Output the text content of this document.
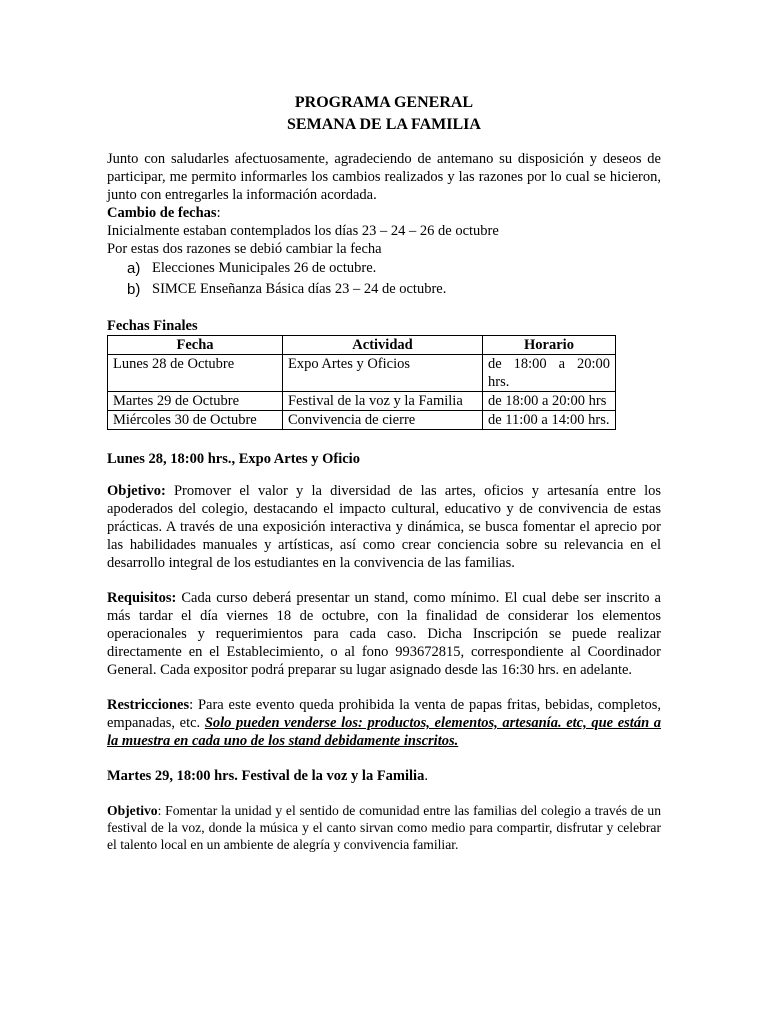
PROGRAMA GENERAL
SEMANA DE LA FAMILIA

Junto con saludarles afectuosamente, agradeciendo de antemano su disposición y deseos de participar, me permito informarles los cambios realizados y las razones por lo cual se hicieron, junto con entregarles la información acordada.

Cambio de fechas:

Inicialmente estaban contemplados los días 23 – 24 – 26 de octubre

Por estas dos razones se debió cambiar la fecha

a) Elecciones Municipales 26 de octubre.
b) SIMCE Enseñanza Básica días 23 – 24 de octubre.

Fechas Finales

Fecha	Actividad	Horario
Lunes 28 de Octubre	Expo Artes y Oficios	de 18:00 a 20:00 hrs.
Martes 29 de Octubre	Festival de la voz y la Familia	de 18:00 a 20:00 hrs
Miércoles 30 de Octubre	Convivencia de cierre	de 11:00 a 14:00 hrs.

Lunes 28, 18:00 hrs., Expo Artes y Oficio

Objetivo: Promover el valor y la diversidad de las artes, oficios y artesanía entre los apoderados del colegio, destacando el impacto cultural, educativo y de convivencia de estas prácticas. A través de una exposición interactiva y dinámica, se busca fomentar el aprecio por las habilidades manuales y artísticas, así como crear conciencia sobre su relevancia en el desarrollo integral de los estudiantes en la convivencia de las familias.

Requisitos: Cada curso deberá presentar un stand, como mínimo. El cual debe ser inscrito a más tardar el día viernes 18 de octubre, con la finalidad de considerar los elementos operacionales y requerimientos para cada caso. Dicha Inscripción se puede realizar directamente en el Establecimiento, o al fono 993672815, correspondiente al Coordinador General. Cada expositor podrá preparar su lugar asignado desde las 16:30 hrs. en adelante.

Restricciones: Para este evento queda prohibida la venta de papas fritas, bebidas, completos, empanadas, etc. Solo pueden venderse los: productos, elementos, artesanía. etc, que están a la muestra en cada uno de los stand debidamente inscritos.

Martes 29, 18:00 hrs. Festival de la voz y la Familia.

Objetivo: Fomentar la unidad y el sentido de comunidad entre las familias del colegio a través de un festival de la voz, donde la música y el canto sirvan como medio para compartir, disfrutar y celebrar el talento local en un ambiente de alegría y convivencia familiar.
